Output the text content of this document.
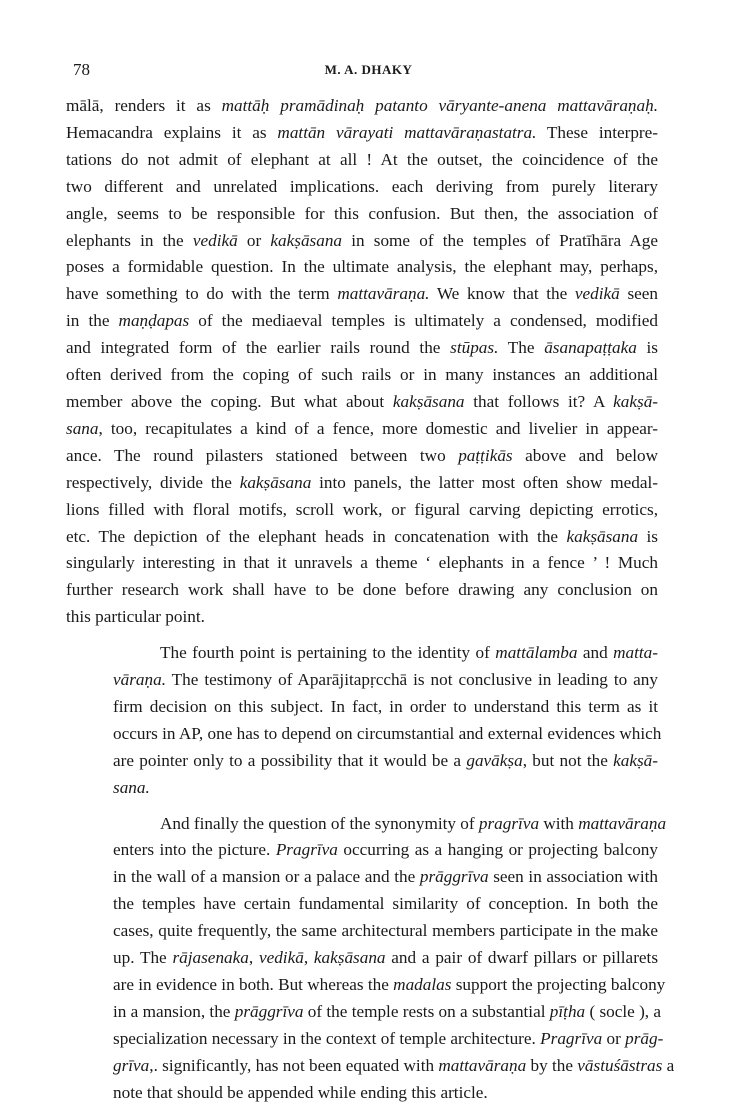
78	M. A. DHAKY
mālā, renders it as mattāḥ pramādinaḥ patanto vāryante-anena mattavāraṇaḥ.
Hemacandra explains it as mattān vārayati mattavāraṇastatra. These interpre-
tations do not admit of elephant at all ! At the outset, the coincidence of the
two different and unrelated implications. each deriving from purely literary
angle, seems to be responsible for this confusion. But then, the association of
elephants in the vedikā or kakṣāsana in some of the temples of Pratīhāra Age
poses a formidable question. In the ultimate analysis, the elephant may, perhaps,
have something to do with the term mattavāraṇa. We know that the vedikā seen
in the maṇḍapas of the mediaeval temples is ultimately a condensed, modified
and integrated form of the earlier rails round the stūpas. The āsanapaṭṭaka is
often derived from the coping of such rails or in many instances an additional
member above the coping. But what about kakṣāsana that follows it? A kakṣā-
sana, too, recapitulates a kind of a fence, more domestic and livelier in appear-
ance. The round pilasters stationed between two paṭṭikās above and below
respectively, divide the kakṣāsana into panels, the latter most often show medal-
lions filled with floral motifs, scroll work, or figural carving depicting errotics,
etc. The depiction of the elephant heads in concatenation with the kakṣāsana is
singularly interesting in that it unravels a theme ‘ elephants in a fence ’ ! Much
further research work shall have to be done before drawing any conclusion on
this particular point.
The fourth point is pertaining to the identity of mattālamba and matta-
vāraṇa. The testimony of Aparājitapṛcchā is not conclusive in leading to any
firm decision on this subject. In fact, in order to understand this term as it
occurs in AP, one has to depend on circumstantial and external evidences which
are pointer only to a possibility that it would be a gavākṣa, but not the kakṣā-
sana.
And finally the question of the synonymity of pragrīva with mattavāraṇa
enters into the picture. Pragrīva occurring as a hanging or projecting balcony
in the wall of a mansion or a palace and the prāggrīva seen in association with
the temples have certain fundamental similarity of conception. In both the
cases, quite frequently, the same architectural members participate in the make
up. The rājasenaka, vedikā, kakṣāsana and a pair of dwarf pillars or pillarets
are in evidence in both. But whereas the madalas support the projecting balcony
in a mansion, the prāggrīva of the temple rests on a substantial pīṭha ( socle ), a
specialization necessary in the context of temple architecture. Pragrīva or prāg-
grīva,. significantly, has not been equated with mattavāraṇa by the vāstuśāstras a
note that should be appended while ending this article.
